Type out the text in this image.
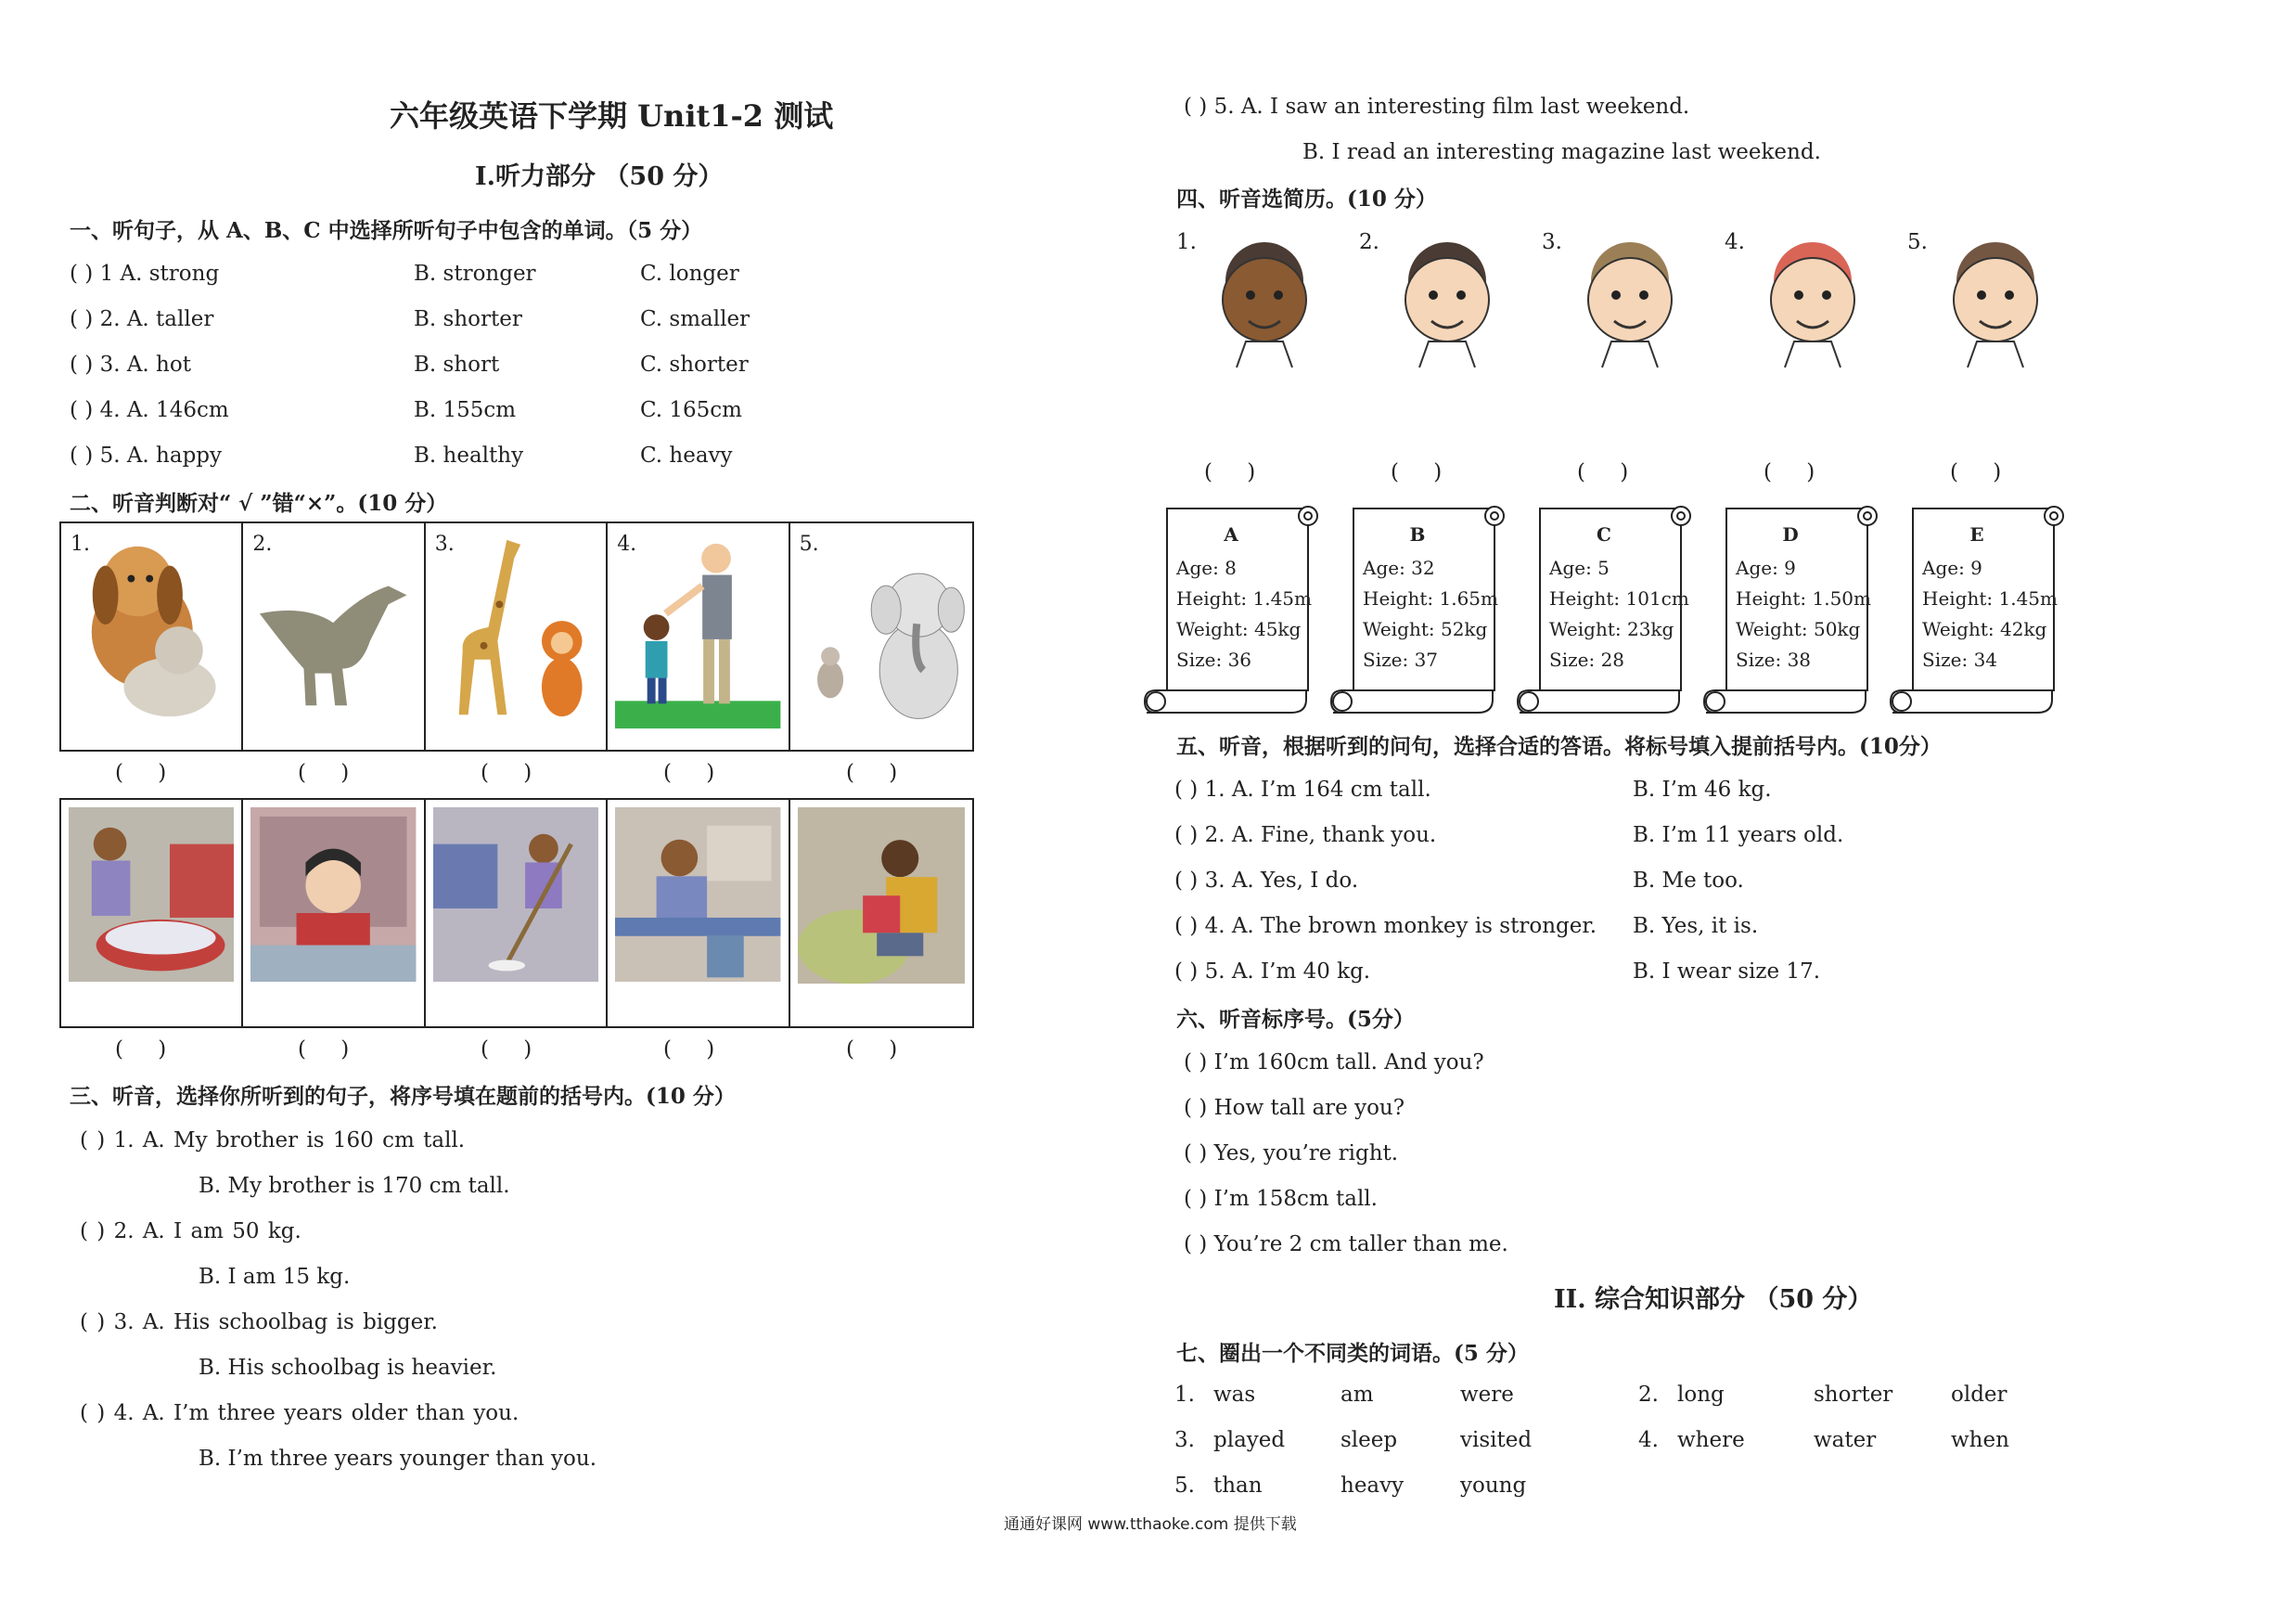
六年级英语下学期 Unit1-2 测试
I.听力部分 （50 分）
一、听句子，从 A、B、C 中选择所听句子中包含的单词。（5 分）
( ) 1 A. strong	B. stronger	C. longer
( ) 2. A. taller	B. shorter	C. smaller
( ) 3. A. hot	B. short	C. shorter
( ) 4. A. 146cm	B. 155cm	C. 165cm
( ) 5. A. happy	B. healthy	C. heavy
二、听音判断对“ √ ”错“×”。(10 分）
1.	2.	3.	4.	5.
( )	( )	( )	( )	( )
( )	( )	( )	( )	( )
三、听音，选择你所听到的句子，将序号填在题前的括号内。(10 分）
( ) 1. A. My brother is 160 cm tall.
B. My brother is 170 cm tall.
( ) 2. A. I am 50 kg.
B. I am 15 kg.
( ) 3. A. His schoolbag is bigger.
B. His schoolbag is heavier.
( ) 4. A. I’m three years older than you.
B. I’m three years younger than you.
( ) 5. A. I saw an interesting film last weekend.
B. I read an interesting magazine last weekend.
四、听音选简历。(10 分）
1.	2.	3.	4.	5.
( )	( )	( )	( )	( )
A
Age: 8
Height: 1.45m
Weight: 45kg
Size: 36
B
Age: 32
Height: 1.65m
Weight: 52kg
Size: 37
C
Age: 5
Height: 101cm
Weight: 23kg
Size: 28
D
Age: 9
Height: 1.50m
Weight: 50kg
Size: 38
E
Age: 9
Height: 1.45m
Weight: 42kg
Size: 34
五、听音，根据听到的问句，选择合适的答语。将标号填入提前括号内。(10分）
( ) 1. A. I’m 164 cm tall.	B. I’m 46 kg.
( ) 2. A. Fine, thank you.	B. I’m 11 years old.
( ) 3. A. Yes, I do.	B. Me too.
( ) 4. A. The brown monkey is stronger. B. Yes, it is.
( ) 5. A. I’m 40 kg.	B. I wear size 17.
六、听音标序号。(5分）
( ) I’m 160cm tall. And you?
( ) How tall are you?
( ) Yes, you’re right.
( ) I’m 158cm tall.
( ) You’re 2 cm taller than me.
II. 综合知识部分 （50 分）
七、圈出一个不同类的词语。(5 分）
1. was	am	were	2. long	shorter	older
3. played	sleep	visited	4. where	water	when
5. than	heavy	young
通通好课网 www.tthaoke.com 提供下载
